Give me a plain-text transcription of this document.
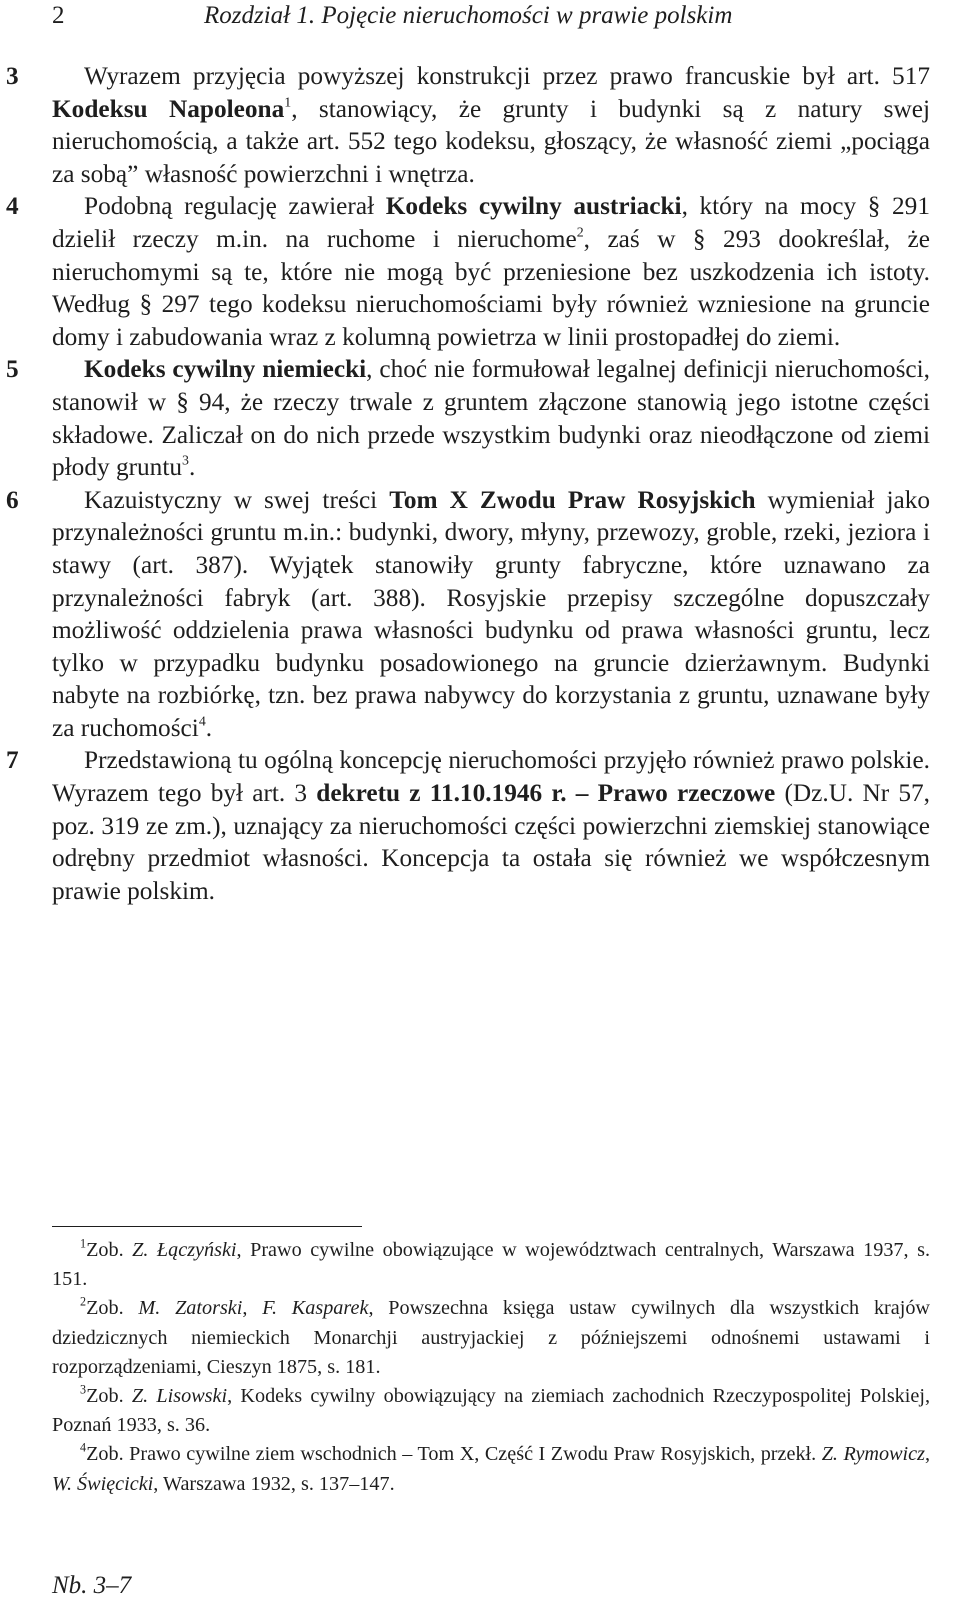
2	Rozdział 1. Pojęcie nieruchomości w prawie polskim

3	Wyrazem przyjęcia powyższej konstrukcji przez prawo francuskie był art. 517 Kodeksu Napoleona$^1$, stanowiący, że grunty i budynki są z natury swej nieruchomością, a także art. 552 tego kodeksu, głoszący, że własność ziemi „pociąga za sobą” własność powierzchni i wnętrza.

4	Podobną regulację zawierał Kodeks cywilny austriacki, który na mocy § 291 dzielił rzeczy m.in. na ruchome i nieruchome$^2$, zaś w § 293 dookreślał, że nieruchomymi są te, które nie mogą być przeniesione bez uszkodzenia ich istoty. Według § 297 tego kodeksu nieruchomościami były również wzniesione na gruncie domy i zabudowania wraz z kolumną powietrza w linii prostopadłej do ziemi.

5	Kodeks cywilny niemiecki, choć nie formułował legalnej definicji nieruchomości, stanowił w § 94, że rzeczy trwale z gruntem złączone stanowią jego istotne części składowe. Zaliczał on do nich przede wszystkim budynki oraz nieodłączone od ziemi płody gruntu$^3$.

6	Kazuistyczny w swej treści Tom X Zwodu Praw Rosyjskich wymieniał jako przynależności gruntu m.in.: budynki, dwory, młyny, przewozy, groble, rzeki, jeziora i stawy (art. 387). Wyjątek stanowiły grunty fabryczne, które uznawano za przynależności fabryk (art. 388). Rosyjskie przepisy szczególne dopuszczały możliwość oddzielenia prawa własności budynku od prawa własności gruntu, lecz tylko w przypadku budynku posadowionego na gruncie dzierżawnym. Budynki nabyte na rozbiórkę, tzn. bez prawa nabywcy do korzystania z gruntu, uznawane były za ruchomości$^4$.

7	Przedstawioną tu ogólną koncepcję nieruchomości przyjęło również prawo polskie. Wyrazem tego był art. 3 dekretu z 11.10.1946 r. – Prawo rzeczowe (Dz.U. Nr 57, poz. 319 ze zm.), uznający za nieruchomości części powierzchni ziemskiej stanowiące odrębny przedmiot własności. Koncepcja ta ostała się również we współczesnym prawie polskim.

$^1$Zob. Z. Łączyński, Prawo cywilne obowiązujące w województwach centralnych, Warszawa 1937, s. 151.

$^2$Zob. M. Zatorski, F. Kasparek, Powszechna księga ustaw cywilnych dla wszystkich krajów dziedzicznych niemieckich Monarchji austryjackiej z późniejszemi odnośnemi ustawami i rozporządzeniami, Cieszyn 1875, s. 181.

$^3$Zob. Z. Lisowski, Kodeks cywilny obowiązujący na ziemiach zachodnich Rzeczypospolitej Polskiej, Poznań 1933, s. 36.

$^4$Zob. Prawo cywilne ziem wschodnich – Tom X, Część I Zwodu Praw Rosyjskich, przekł. Z. Rymowicz, W. Święcicki, Warszawa 1932, s. 137–147.

Nb. 3–7
